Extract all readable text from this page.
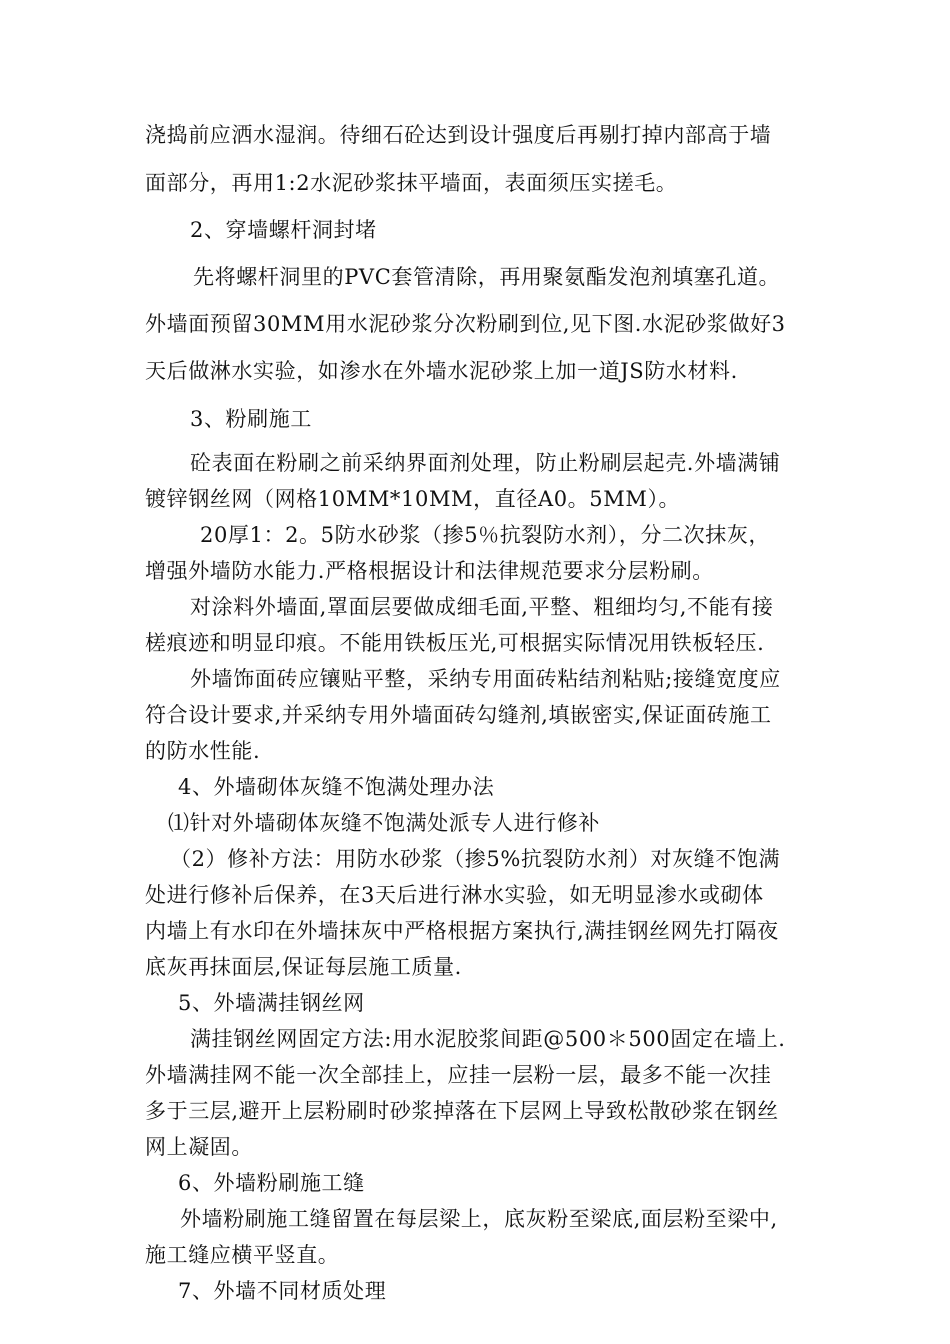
浇捣前应洒水湿润。待细石砼达到设计强度后再剔打掉内部高于墙
面部分，再用1:2水泥砂浆抹平墙面，表面须压实搓毛。
2、穿墙螺杆洞封堵
先将螺杆洞里的PVC套管清除，再用聚氨酯发泡剂填塞孔道。
外墙面预留30MM用水泥砂浆分次粉刷到位,见下图.水泥砂浆做好3
天后做淋水实验，如渗水在外墙水泥砂浆上加一道JS防水材料.
3、粉刷施工
砼表面在粉刷之前采纳界面剂处理，防止粉刷层起壳.外墙满铺
镀锌钢丝网（网格10MM*10MM，直径A0。5MM）。
20厚1：2。5防水砂浆（掺5％抗裂防水剂），分二次抹灰，
增强外墙防水能力.严格根据设计和法律规范要求分层粉刷。
对涂料外墙面,罩面层要做成细毛面,平整、粗细均匀,不能有接
槎痕迹和明显印痕。不能用铁板压光,可根据实际情况用铁板轻压.
外墙饰面砖应镶贴平整，采纳专用面砖粘结剂粘贴;接缝宽度应
符合设计要求,并采纳专用外墙面砖勾缝剂,填嵌密实,保证面砖施工
的防水性能.
4、外墙砌体灰缝不饱满处理办法
⑴针对外墙砌体灰缝不饱满处派专人进行修补
（2）修补方法：用防水砂浆（掺5%抗裂防水剂）对灰缝不饱满
处进行修补后保养，在3天后进行淋水实验，如无明显渗水或砌体
内墙上有水印在外墙抹灰中严格根据方案执行,满挂钢丝网先打隔夜
底灰再抹面层,保证每层施工质量.
5、外墙满挂钢丝网
满挂钢丝网固定方法:用水泥胶浆间距@500＊500固定在墙上.
外墙满挂网不能一次全部挂上，应挂一层粉一层，最多不能一次挂
多于三层,避开上层粉刷时砂浆掉落在下层网上导致松散砂浆在钢丝
网上凝固。
6、外墙粉刷施工缝
外墙粉刷施工缝留置在每层梁上，底灰粉至梁底,面层粉至梁中,
施工缝应横平竖直。
7、外墙不同材质处理
